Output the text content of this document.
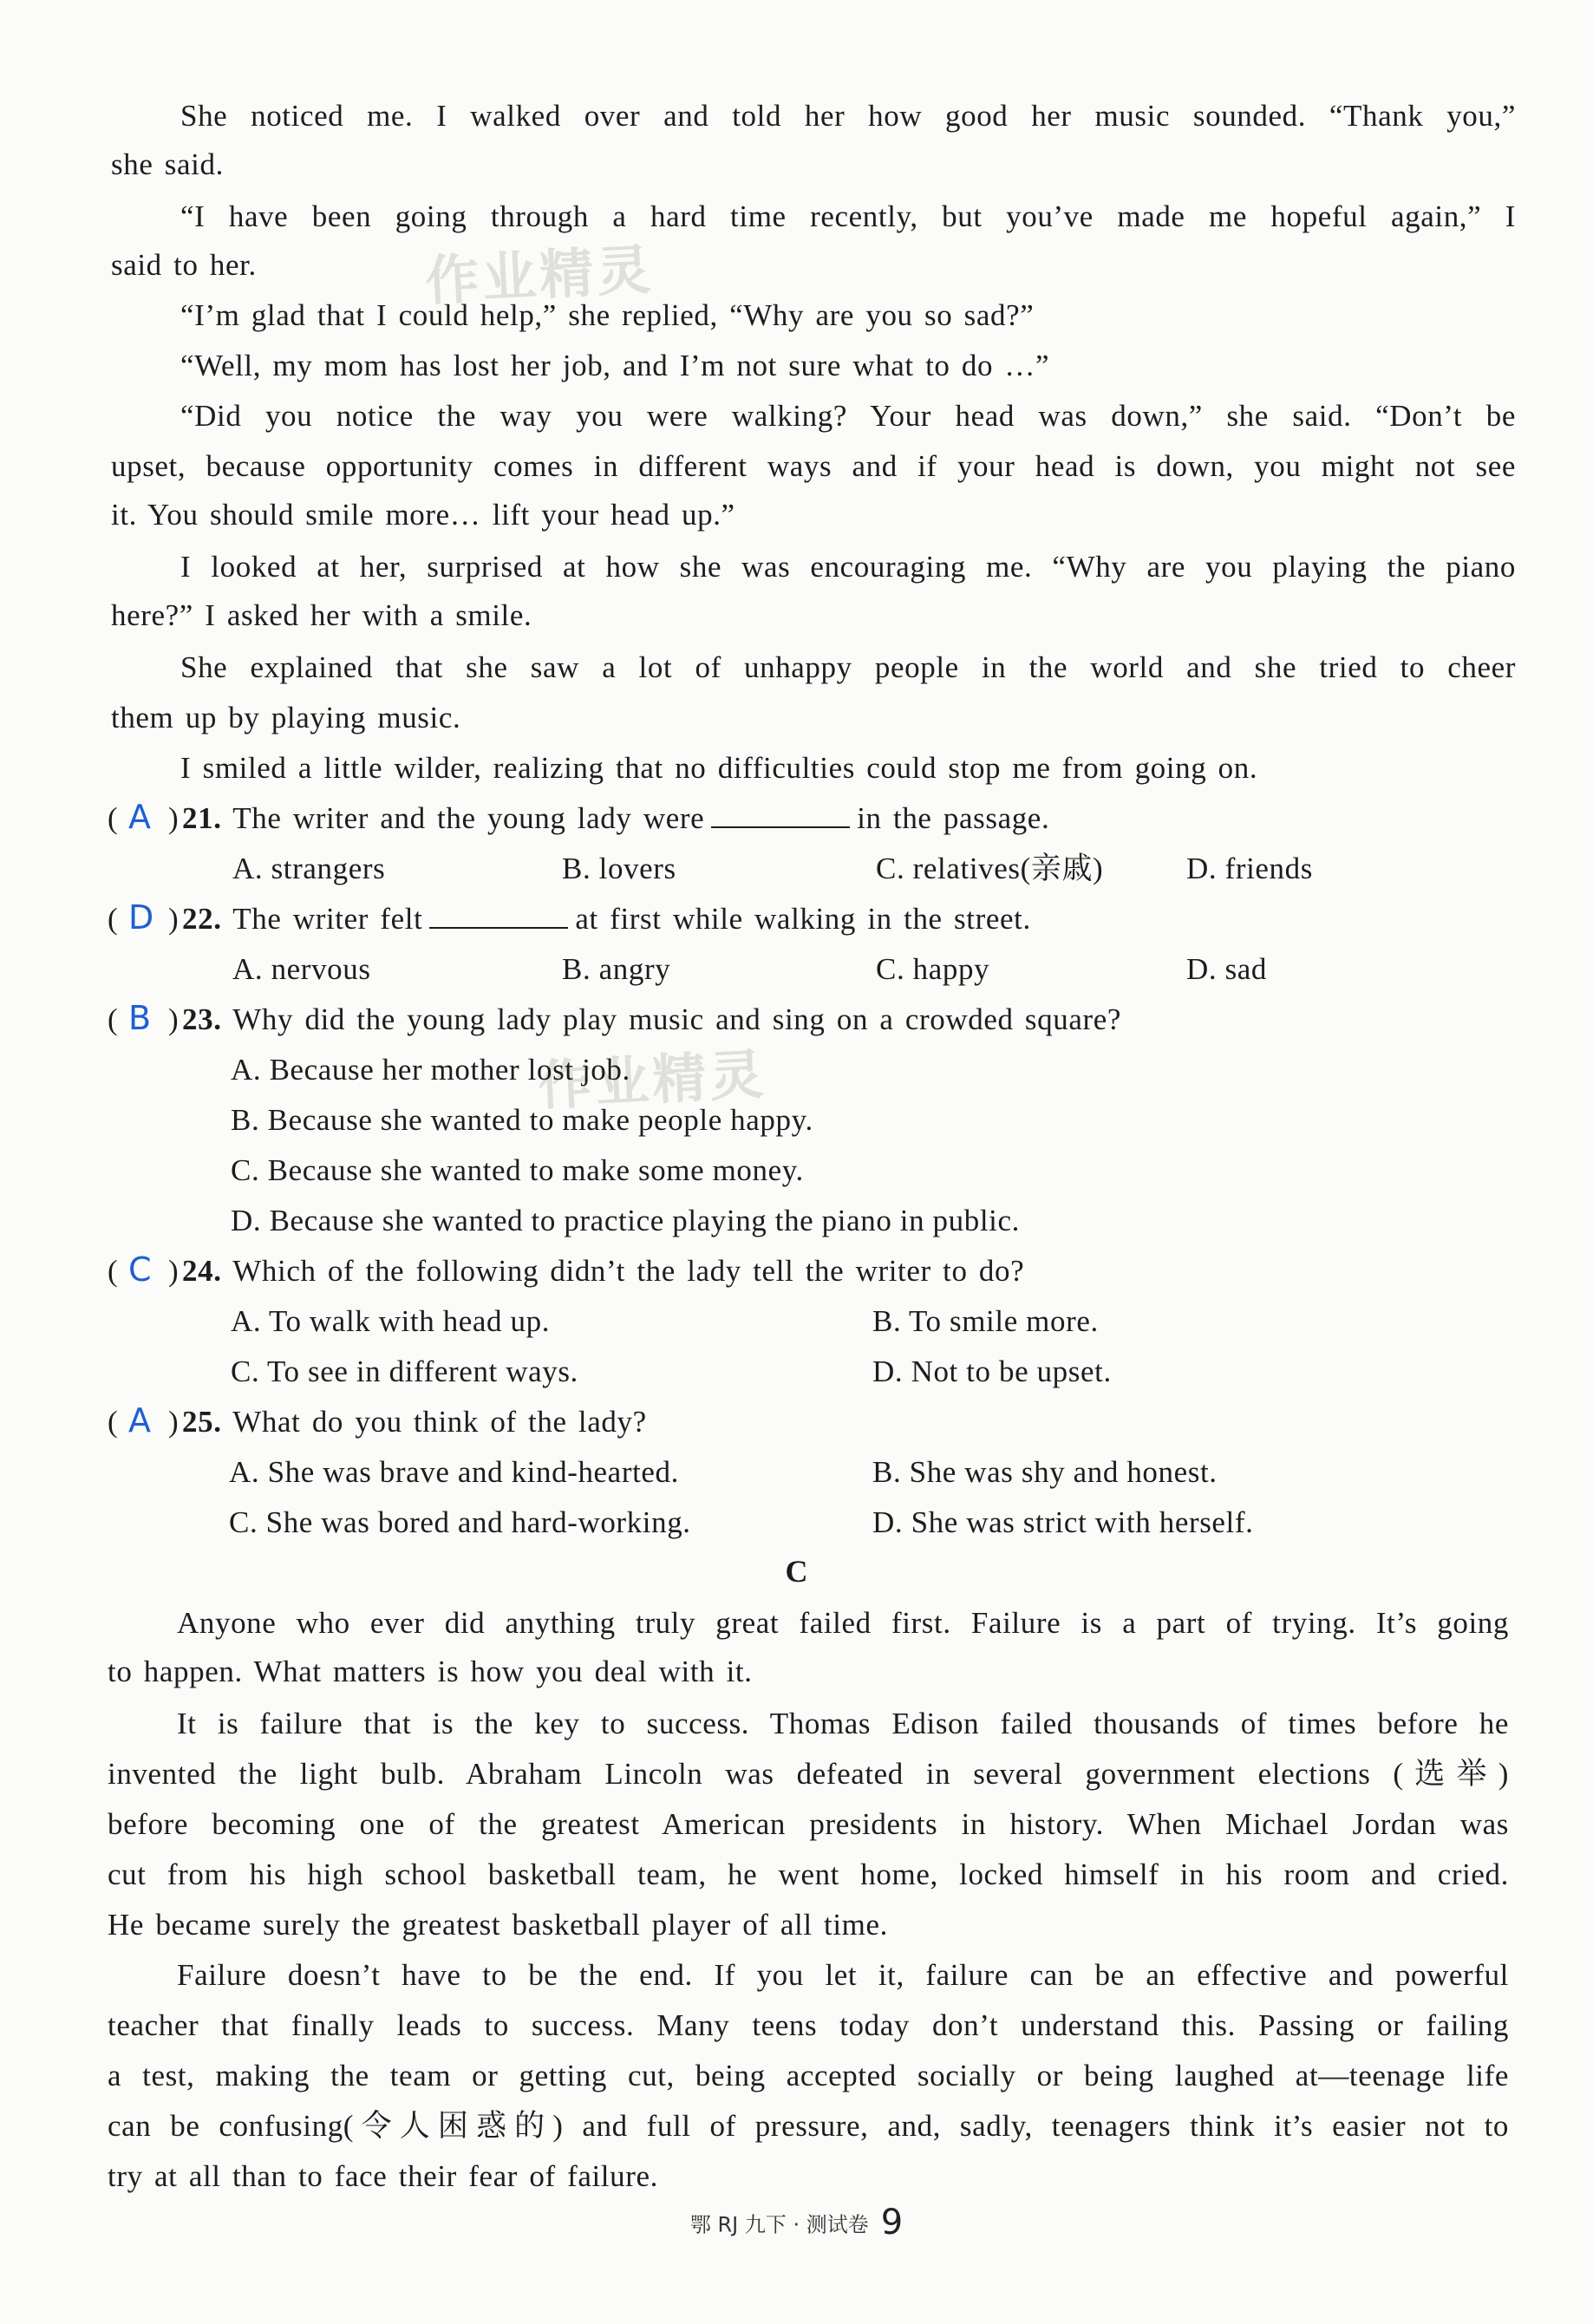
作业精灵
作业精灵
She noticed me. I walked over and told her how good her music sounded. “Thank you,”
she said.
“I have been going through a hard time recently, but you’ve made me hopeful again,” I
said to her.
“I’m glad that I could help,” she replied, “Why are you so sad?”
“Well, my mom has lost her job, and I’m not sure what to do …”
“Did you notice the way you were walking? Your head was down,” she said. “Don’t be
upset, because opportunity comes in different ways and if your head is down, you might not see
it. You should smile more… lift your head up.”
I looked at her, surprised at how she was encouraging me. “Why are you playing the piano
here?” I asked her with a smile.
She explained that she saw a lot of unhappy people in the world and she tried to cheer
them up by playing music.
I smiled a little wilder, realizing that no difficulties could stop me from going on.
( A ) 21. The writer and the young lady were	in the passage.
A. strangers	B. lovers	C. relatives(亲戚)	D. friends
( D ) 22. The writer felt	at first while walking in the street.
A. nervous	B. angry	C. happy	D. sad
( B ) 23. Why did the young lady play music and sing on a crowded square?
A. Because her mother lost job.
B. Because she wanted to make people happy.
C. Because she wanted to make some money.
D. Because she wanted to practice playing the piano in public.
( C ) 24. Which of the following didn’t the lady tell the writer to do?
A. To walk with head up.	B. To smile more.
C. To see in different ways.	D. Not to be upset.
( A ) 25. What do you think of the lady?
A. She was brave and kind-hearted.	B. She was shy and honest.
C. She was bored and hard-working.	D. She was strict with herself.
C
Anyone who ever did anything truly great failed first. Failure is a part of trying. It’s going
to happen. What matters is how you deal with it.
It is failure that is the key to success. Thomas Edison failed thousands of times before he
invented the light bulb. Abraham Lincoln was defeated in several government elections (选举)
before becoming one of the greatest American presidents in history. When Michael Jordan was
cut from his high school basketball team, he went home, locked himself in his room and cried.
He became surely the greatest basketball player of all time.
Failure doesn’t have to be the end. If you let it, failure can be an effective and powerful
teacher that finally leads to success. Many teens today don’t understand this. Passing or failing
a test, making the team or getting cut, being accepted socially or being laughed at—teenage life
can be confusing(令人困惑的) and full of pressure, and, sadly, teenagers think it’s easier not to
try at all than to face their fear of failure.
鄂 RJ 九下 · 测试卷 9
